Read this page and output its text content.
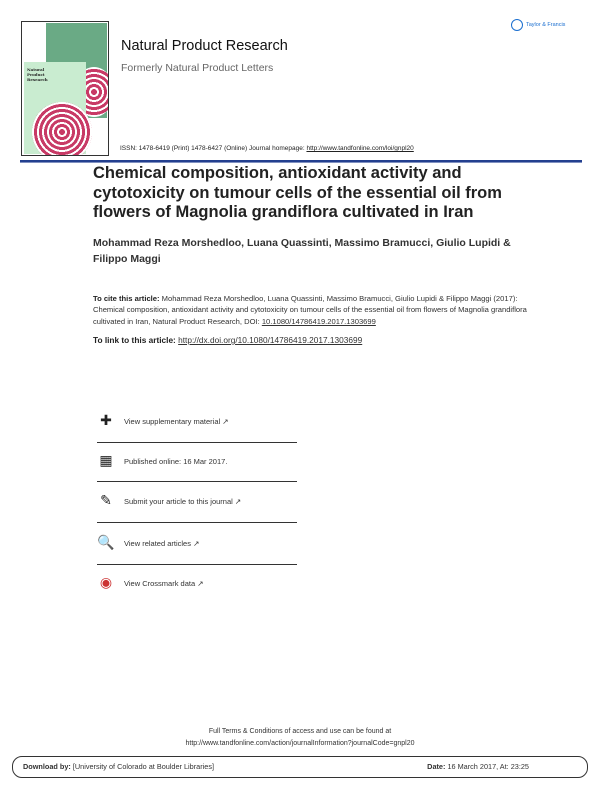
Natural Product Research
Natural Product Research
Formerly Natural Product Letters
Taylor & Francis
ISSN: 1478-6419 (Print) 1478-6427 (Online) Journal homepage: http://www.tandfonline.com/loi/gnpl20
Chemical composition, antioxidant activity and cytotoxicity on tumour cells of the essential oil from flowers of Magnolia grandiflora cultivated in Iran
Mohammad Reza Morshedloo, Luana Quassinti, Massimo Bramucci, Giulio Lupidi & Filippo Maggi
To cite this article: Mohammad Reza Morshedloo, Luana Quassinti, Massimo Bramucci, Giulio Lupidi & Filippo Maggi (2017): Chemical composition, antioxidant activity and cytotoxicity on tumour cells of the essential oil from flowers of Magnolia grandiflora cultivated in Iran, Natural Product Research, DOI: 10.1080/14786419.2017.1303699
To link to this article: http://dx.doi.org/10.1080/14786419.2017.1303699
✚	View supplementary material ↗
▦	Published online: 16 Mar 2017.
✎	Submit your article to this journal ↗
🔍 View related articles ↗
◉	View Crossmark data ↗
Full Terms & Conditions of access and use can be found at
http://www.tandfonline.com/action/journalInformation?journalCode=gnpl20
Download by: [University of Colorado at Boulder Libraries]	Date: 16 March 2017, At: 23:25
